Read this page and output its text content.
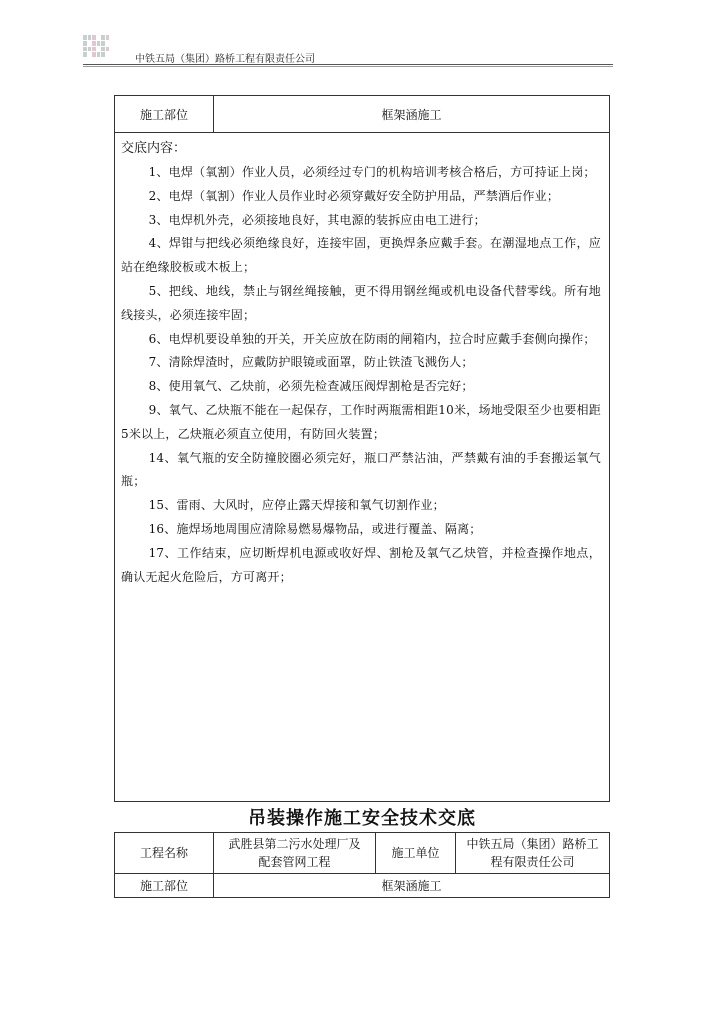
中铁五局（集团）路桥工程有限责任公司
施工部位	框架涵施工

交底内容：

1、电焊（氧割）作业人员，必须经过专门的机构培训考核合格后，方可持证上岗；

2、电焊（氧割）作业人员作业时必须穿戴好安全防护用品，严禁酒后作业；

3、电焊机外壳，必须接地良好，其电源的装拆应由电工进行；

4、焊钳与把线必须绝缘良好，连接牢固，更换焊条应戴手套。在潮湿地点工作，应站在绝缘胶板或木板上；

5、把线、地线，禁止与钢丝绳接触，更不得用钢丝绳或机电设备代替零线。所有地线接头，必须连接牢固；

6、电焊机要设单独的开关，开关应放在防雨的闸箱内，拉合时应戴手套侧向操作；

7、清除焊渣时，应戴防护眼镜或面罩，防止铁渣飞溅伤人；

8、使用氧气、乙炔前，必须先检查减压阀焊割枪是否完好；

9、氧气、乙炔瓶不能在一起保存，工作时两瓶需相距10米，场地受限至少也要相距5米以上，乙炔瓶必须直立使用，有防回火装置；

14、氧气瓶的安全防撞胶圈必须完好，瓶口严禁沾油，严禁戴有油的手套搬运氧气瓶；

15、雷雨、大风时，应停止露天焊接和氧气切割作业；

16、施焊场地周围应清除易燃易爆物品，或进行覆盖、隔离；

17、工作结束，应切断焊机电源或收好焊、割枪及氧气乙炔管，并检查操作地点，确认无起火危险后，方可离开；

吊装操作施工安全技术交底
工程名称	武胜县第二污水处理厂及配套管网工程	施工单位	中铁五局（集团）路桥工程有限责任公司
施工部位	框架涵施工		
